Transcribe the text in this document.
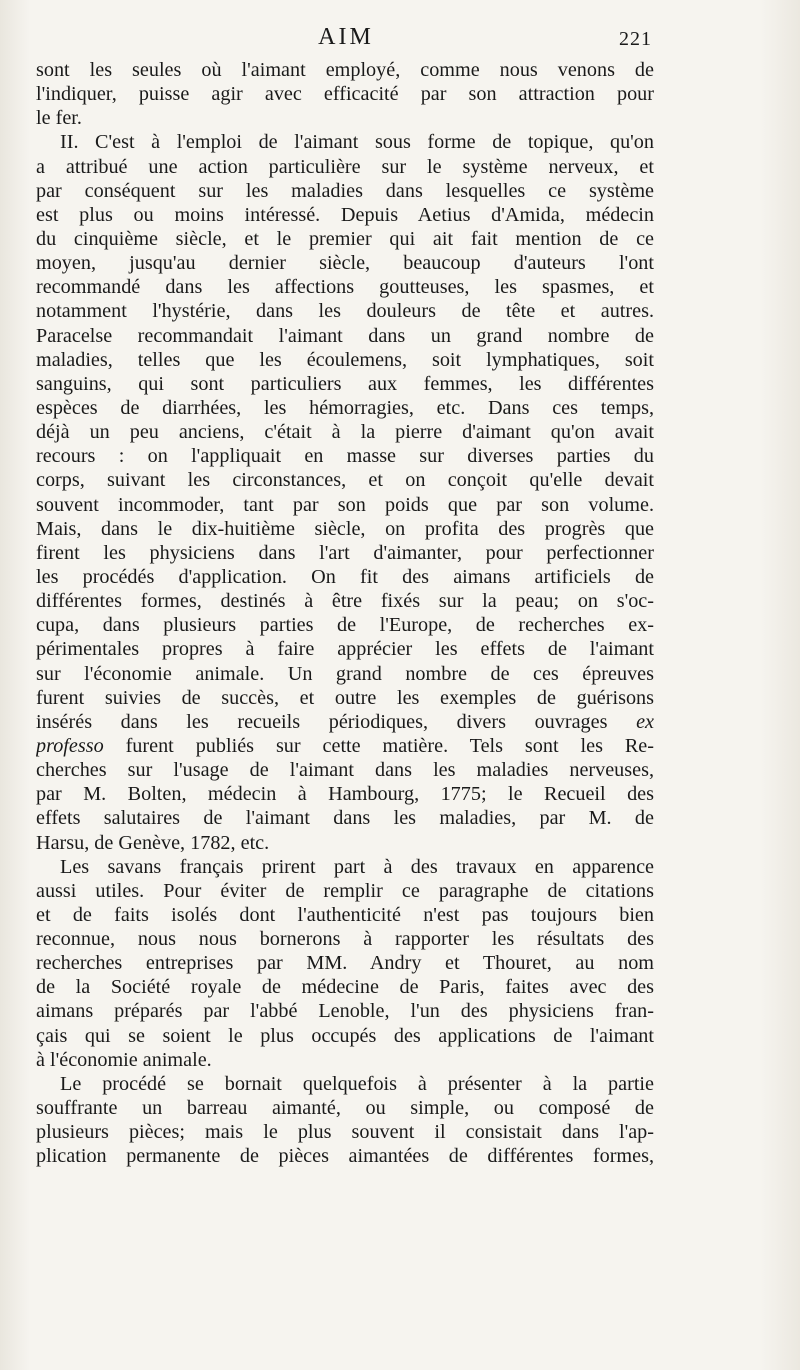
AIM	221
sont les seules où l'aimant employé, comme nous venons de
l'indiquer, puisse agir avec efficacité par son attraction pour
le fer.
II. C'est à l'emploi de l'aimant sous forme de topique, qu'on
a attribué une action particulière sur le système nerveux, et
par conséquent sur les maladies dans lesquelles ce système
est plus ou moins intéressé. Depuis Aetius d'Amida, médecin
du cinquième siècle, et le premier qui ait fait mention de ce
moyen, jusqu'au dernier siècle, beaucoup d'auteurs l'ont
recommandé dans les affections goutteuses, les spasmes, et
notamment l'hystérie, dans les douleurs de tête et autres.
Paracelse recommandait l'aimant dans un grand nombre de
maladies, telles que les écoulemens, soit lymphatiques, soit
sanguins, qui sont particuliers aux femmes, les différentes
espèces de diarrhées, les hémorragies, etc. Dans ces temps,
déjà un peu anciens, c'était à la pierre d'aimant qu'on avait
recours : on l'appliquait en masse sur diverses parties du
corps, suivant les circonstances, et on conçoit qu'elle devait
souvent incommoder, tant par son poids que par son volume.
Mais, dans le dix-huitième siècle, on profita des progrès que
firent les physiciens dans l'art d'aimanter, pour perfectionner
les procédés d'application. On fit des aimans artificiels de
différentes formes, destinés à être fixés sur la peau; on s'oc-
cupa, dans plusieurs parties de l'Europe, de recherches ex-
périmentales propres à faire apprécier les effets de l'aimant
sur l'économie animale. Un grand nombre de ces épreuves
furent suivies de succès, et outre les exemples de guérisons
insérés dans les recueils périodiques, divers ouvrages ex
professo furent publiés sur cette matière. Tels sont les Re-
cherches sur l'usage de l'aimant dans les maladies nerveuses,
par M. Bolten, médecin à Hambourg, 1775; le Recueil des
effets salutaires de l'aimant dans les maladies, par M. de
Harsu, de Genève, 1782, etc.
Les savans français prirent part à des travaux en apparence
aussi utiles. Pour éviter de remplir ce paragraphe de citations
et de faits isolés dont l'authenticité n'est pas toujours bien
reconnue, nous nous bornerons à rapporter les résultats des
recherches entreprises par MM. Andry et Thouret, au nom
de la Société royale de médecine de Paris, faites avec des
aimans préparés par l'abbé Lenoble, l'un des physiciens fran-
çais qui se soient le plus occupés des applications de l'aimant
à l'économie animale.
Le procédé se bornait quelquefois à présenter à la partie
souffrante un barreau aimanté, ou simple, ou composé de
plusieurs pièces; mais le plus souvent il consistait dans l'ap-
plication permanente de pièces aimantées de différentes formes,
